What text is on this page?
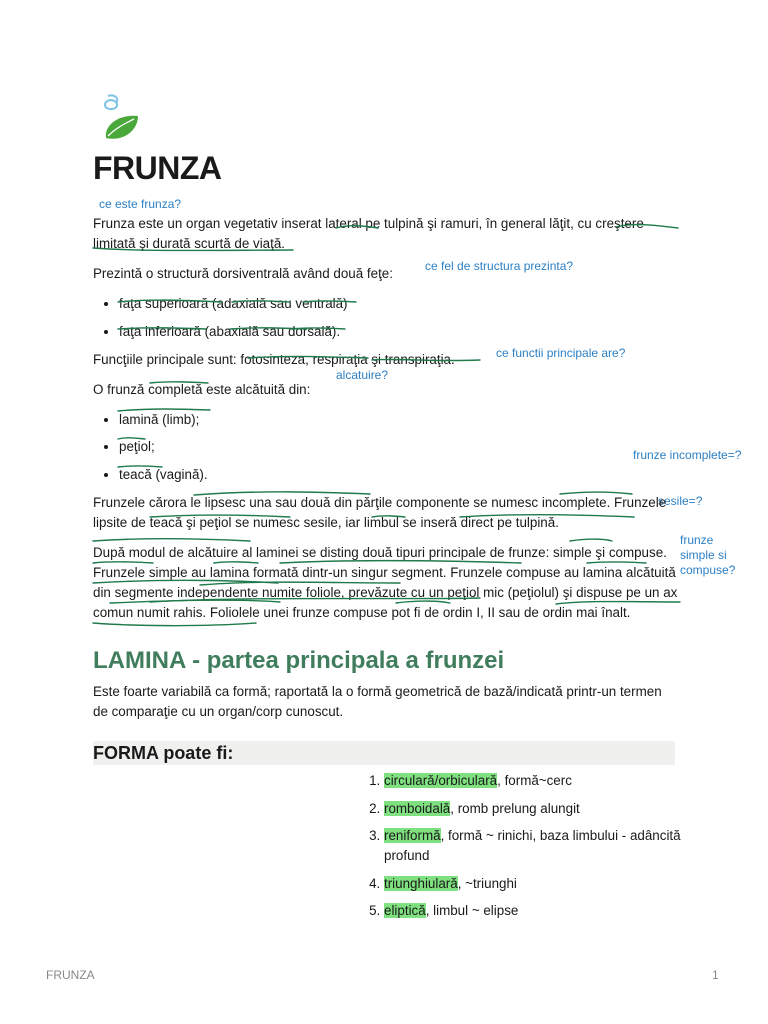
FRUNZA
ce este frunza?
ce fel de structura prezinta?
ce functii principale are?
alcatuire?
frunze incomplete=?
sesile=?
frunze
simple si
compuse?

Frunza este un organ vegetativ inserat lateral pe tulpină şi ramuri, în general lăţit, cu creştere limitată şi durată scurtă de viaţă.

Prezintă o structură dorsiventrală având două feţe:

• faţa superioară (adaxială sau ventrală)
• faţa inferioară (abaxială sau dorsală).

Funcţiile principale sunt: fotosinteza, respiraţia şi transpiraţia.

O frunză completă este alcătuită din:

• lamină (limb);
• peţiol;
• teacă (vagină).

Frunzele cărora le lipsesc una sau două din părţile componente se numesc incomplete. Frunzele lipsite de teacă şi peţiol se numesc sesile, iar limbul se inseră direct pe tulpină.

După modul de alcătuire al laminei se disting două tipuri principale de frunze: simple şi compuse. Frunzele simple au lamina formată dintr-un singur segment. Frunzele compuse au lamina alcătuită din segmente independente numite foliole, prevăzute cu un peţiol mic (peţiolul) şi dispuse pe un ax comun numit rahis. Foliolele unei frunze compuse pot fi de ordin I, II sau de ordin mai înalt.

LAMINA - partea principala a frunzei

Este foarte variabilă ca formă; raportată la o formă geometrică de bază/indicată printr-un termen de comparaţie cu un organ/corp cunoscut.

FORMA poate fi:
1. circulară/orbiculară, formă~cerc
2. romboidală, romb prelung alungit
3. reniformă, formă ~ rinichi, baza limbului - adâncită profund
4. triunghiulară, ~triunghi
5. eliptică, limbul ~ elipse
FRUNZA	1
